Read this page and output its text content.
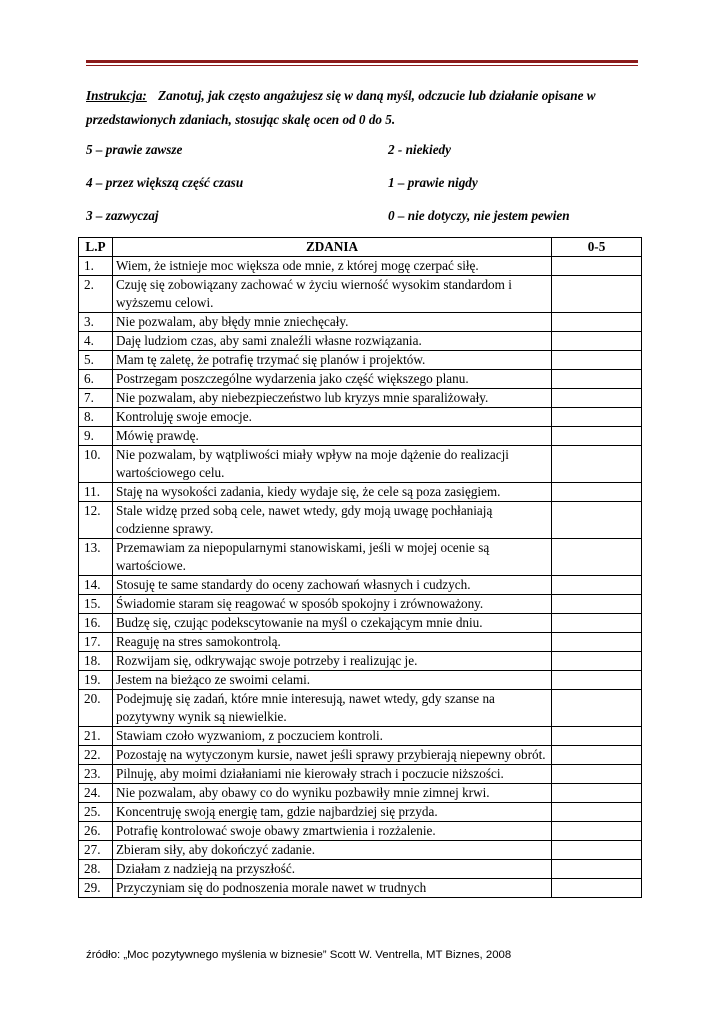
Instrukcja: Zanotuj, jak często angażujesz się w daną myśl, odczucie lub działanie opisane w przedstawionych zdaniach, stosując skalę ocen od 0 do 5.
5 – prawie zawsze	2 - niekiedy
4 – przez większą część czasu	1 – prawie nigdy
3 – zazwyczaj	0 – nie dotyczy, nie jestem pewien
L.P	ZDANIA	0-5
1.	Wiem, że istnieje moc większa ode mnie, z której mogę czerpać siłę.	
2.	Czuję się zobowiązany zachować w życiu wierność wysokim standardom i wyższemu celowi.	
3.	Nie pozwalam, aby błędy mnie zniechęcały.	
4.	Daję ludziom czas, aby sami znaleźli własne rozwiązania.	
5.	Mam tę zaletę, że potrafię trzymać się planów i projektów.	
6.	Postrzegam poszczególne wydarzenia jako część większego planu.	
7.	Nie pozwalam, aby niebezpieczeństwo lub kryzys mnie sparaliżowały.	
8.	Kontroluję swoje emocje.	
9.	Mówię prawdę.	
10.	Nie pozwalam, by wątpliwości miały wpływ na moje dążenie do realizacji wartościowego celu.	
11.	Staję na wysokości zadania, kiedy wydaje się, że cele są poza zasięgiem.	
12.	Stale widzę przed sobą cele, nawet wtedy, gdy moją uwagę pochłaniają codzienne sprawy.	
13.	Przemawiam za niepopularnymi stanowiskami, jeśli w mojej ocenie są wartościowe.	
14.	Stosuję te same standardy do oceny zachowań własnych i cudzych.	
15.	Świadomie staram się reagować w sposób spokojny i zrównoważony.	
16.	Budzę się, czując podekscytowanie na myśl o czekającym mnie dniu.	
17.	Reaguję na stres samokontrolą.	
18.	Rozwijam się, odkrywając swoje potrzeby i realizując je.	
19.	Jestem na bieżąco ze swoimi celami.	
20.	Podejmuję się zadań, które mnie interesują, nawet wtedy, gdy szanse na pozytywny wynik są niewielkie.	
21.	Stawiam czoło wyzwaniom, z poczuciem kontroli.	
22.	Pozostaję na wytyczonym kursie, nawet jeśli sprawy przybierają niepewny obrót.	
23.	Pilnuję, aby moimi działaniami nie kierowały strach i poczucie niższości.	
24.	Nie pozwalam, aby obawy co do wyniku pozbawiły mnie zimnej krwi.	
25.	Koncentruję swoją energię tam, gdzie najbardziej się przyda.	
26.	Potrafię kontrolować swoje obawy zmartwienia i rozżalenie.	
27.	Zbieram siły, aby dokończyć zadanie.	
28.	Działam z nadzieją na przyszłość.	
29.	Przyczyniam się do podnoszenia morale nawet w trudnych	
źródło: „Moc pozytywnego myślenia w biznesie” Scott W. Ventrella, MT Biznes, 2008
